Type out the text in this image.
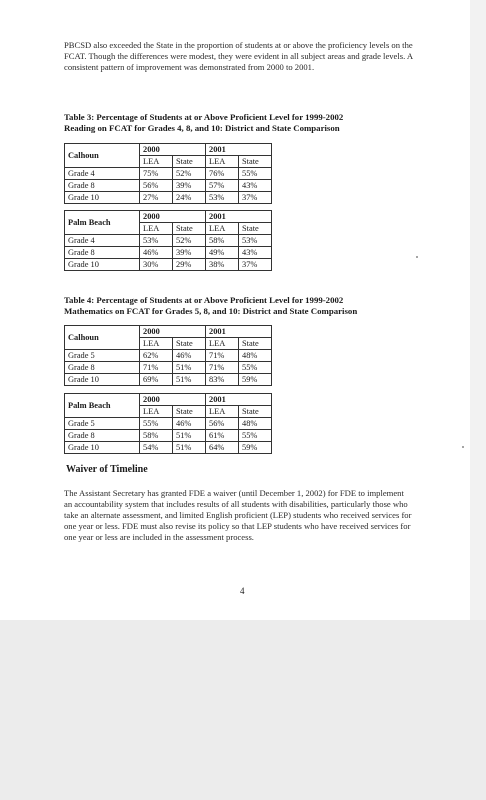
PBCSD also exceeded the State in the proportion of students at or above the proficiency levels on the FCAT. Though the differences were modest, they were evident in all subject areas and grade levels. A consistent pattern of improvement was demonstrated from 2000 to 2001.

Table 3: Percentage of Students at or Above Proficient Level for 1999-2002
Reading on FCAT for Grades 4, 8, and 10: District and State Comparison

Calhoun	2000		2001	
	LEA	State	LEA	State
Grade 4	75%	52%	76%	55%
Grade 8	56%	39%	57%	43%
Grade 10	27%	24%	53%	37%
Palm Beach	2000		2001	
	LEA	State	LEA	State
Grade 4	53%	52%	58%	53%
Grade 8	46%	39%	49%	43%
Grade 10	30%	29%	38%	37%

Table 4: Percentage of Students at or Above Proficient Level for 1999-2002
Mathematics on FCAT for Grades 5, 8, and 10: District and State Comparison

Calhoun	2000		2001	
	LEA	State	LEA	State
Grade 5	62%	46%	71%	48%
Grade 8	71%	51%	71%	55%
Grade 10	69%	51%	83%	59%
Palm Beach	2000		2001	
	LEA	State	LEA	State
Grade 5	55%	46%	56%	48%
Grade 8	58%	51%	61%	55%
Grade 10	54%	51%	64%	59%
Waiver of Timeline

The Assistant Secretary has granted FDE a waiver (until December 1, 2002) for FDE to implement an accountability system that includes results of all students with disabilities, particularly those who take an alternate assessment, and limited English proficient (LEP) students who received services for one year or less. FDE must also revise its policy so that LEP students who have received services for one year or less are included in the assessment process.

4
